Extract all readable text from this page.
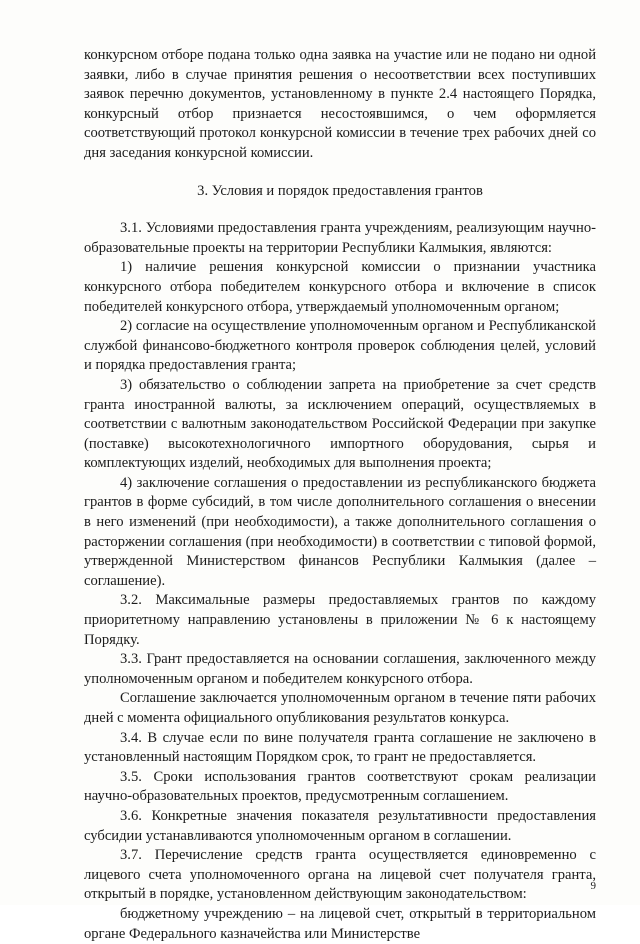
конкурсном отборе подана только одна заявка на участие или не подано ни одной заявки, либо в случае принятия решения о несоответствии всех поступивших заявок перечню документов, установленному в пункте 2.4 настоящего Порядка, конкурсный отбор признается несостоявшимся, о чем оформляется соответствующий протокол конкурсной комиссии в течение трех рабочих дней со дня заседания конкурсной комиссии.

3. Условия и порядок предоставления грантов

3.1. Условиями предоставления гранта учреждениям, реализующим научно-образовательные проекты на территории Республики Калмыкия, являются:

1) наличие решения конкурсной комиссии о признании участника конкурсного отбора победителем конкурсного отбора и включение в список победителей конкурсного отбора, утверждаемый уполномоченным органом;

2) согласие на осуществление уполномоченным органом и Республиканской службой финансово-бюджетного контроля проверок соблюдения целей, условий и порядка предоставления гранта;

3) обязательство о соблюдении запрета на приобретение за счет средств гранта иностранной валюты, за исключением операций, осуществляемых в соответствии с валютным законодательством Российской Федерации при закупке (поставке) высокотехнологичного импортного оборудования, сырья и комплектующих изделий, необходимых для выполнения проекта;

4) заключение соглашения о предоставлении из республиканского бюджета грантов в форме субсидий, в том числе дополнительного соглашения о внесении в него изменений (при необходимости), а также дополнительного соглашения о расторжении соглашения (при необходимости) в соответствии с типовой формой, утвержденной Министерством финансов Республики Калмыкия (далее – соглашение).

3.2. Максимальные размеры предоставляемых грантов по каждому приоритетному направлению установлены в приложении № 6 к настоящему Порядку.

3.3. Грант предоставляется на основании соглашения, заключенного между уполномоченным органом и победителем конкурсного отбора.

Соглашение заключается уполномоченным органом в течение пяти рабочих дней с момента официального опубликования результатов конкурса.

3.4. В случае если по вине получателя гранта соглашение не заключено в установленный настоящим Порядком срок, то грант не предоставляется.

3.5. Сроки использования грантов соответствуют срокам реализации научно-образовательных проектов, предусмотренным соглашением.

3.6. Конкретные значения показателя результативности предоставления субсидии устанавливаются уполномоченным органом в соглашении.

3.7. Перечисление средств гранта осуществляется единовременно с лицевого счета уполномоченного органа на лицевой счет получателя гранта, открытый в порядке, установленном действующим законодательством:

бюджетному учреждению – на лицевой счет, открытый в территориальном органе Федерального казначейства или Министерстве

9
